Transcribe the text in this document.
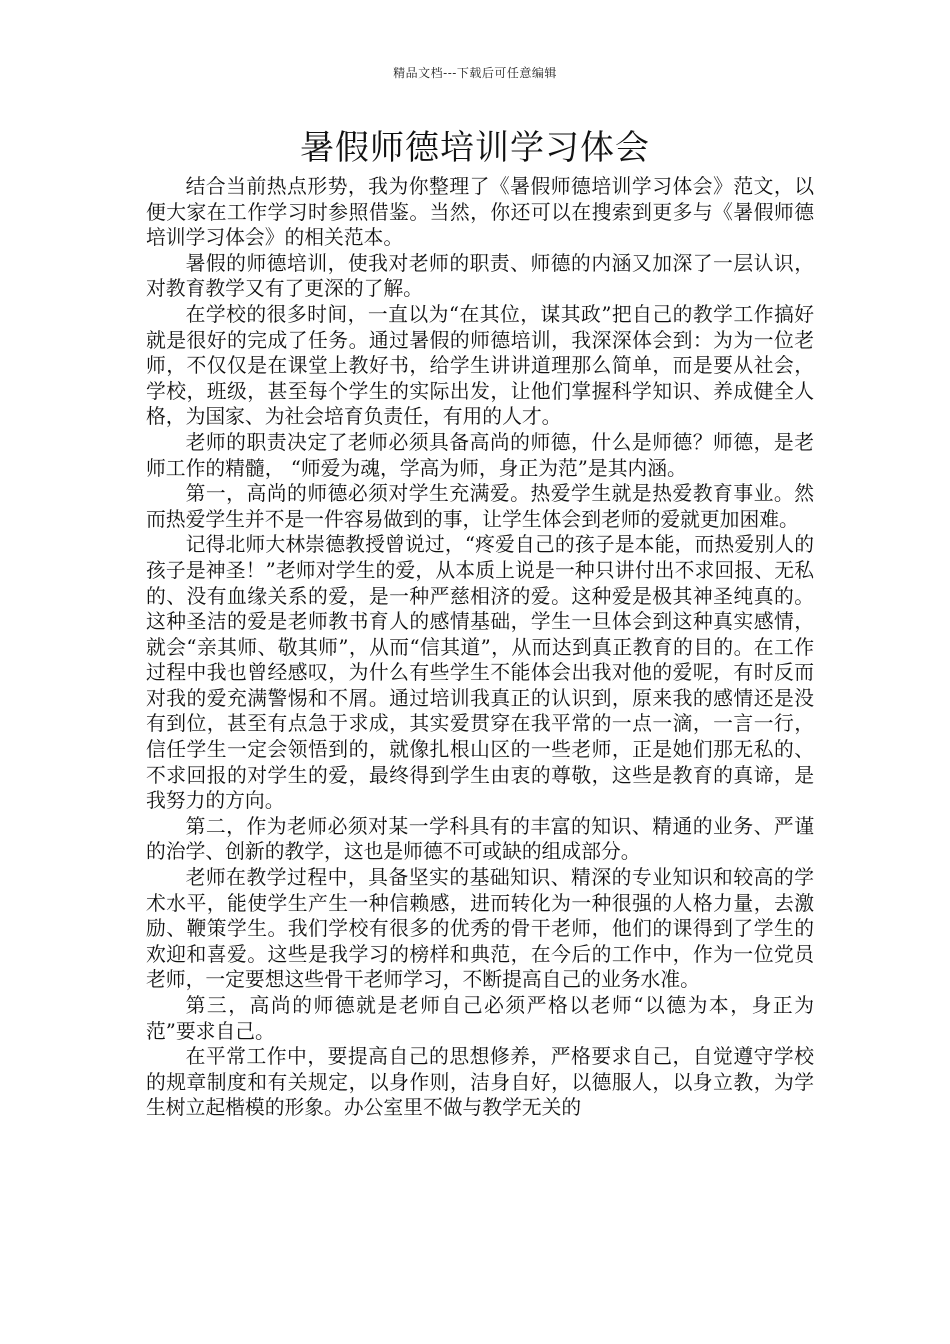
精品文档---下载后可任意编辑
暑假师德培训学习体会

结合当前热点形势，我为你整理了《暑假师德培训学习体会》范文，以便大家在工作学习时参照借鉴。当然，你还可以在搜索到更多与《暑假师德培训学习体会》的相关范本。

暑假的师德培训，使我对老师的职责、师德的内涵又加深了一层认识，对教育教学又有了更深的了解。

在学校的很多时间，一直以为“在其位，谋其政”把自己的教学工作搞好就是很好的完成了任务。通过暑假的师德培训，我深深体会到：为为一位老师，不仅仅是在课堂上教好书，给学生讲讲道理那么简单，而是要从社会，学校，班级，甚至每个学生的实际出发，让他们掌握科学知识、养成健全人格，为国家、为社会培育负责任，有用的人才。

老师的职责决定了老师必须具备高尚的师德，什么是师德？师德，是老师工作的精髓， “师爱为魂，学高为师，身正为范”是其内涵。

第一，高尚的师德必须对学生充满爱。热爱学生就是热爱教育事业。然而热爱学生并不是一件容易做到的事，让学生体会到老师的爱就更加困难。

记得北师大林崇德教授曾说过，“疼爱自己的孩子是本能，而热爱别人的孩子是神圣！”老师对学生的爱，从本质上说是一种只讲付出不求回报、无私的、没有血缘关系的爱，是一种严慈相济的爱。这种爱是极其神圣纯真的。这种圣洁的爱是老师教书育人的感情基础，学生一旦体会到这种真实感情，就会“亲其师、敬其师”，从而“信其道”，从而达到真正教育的目的。在工作过程中我也曾经感叹，为什么有些学生不能体会出我对他的爱呢，有时反而对我的爱充满警惕和不屑。通过培训我真正的认识到，原来我的感情还是没有到位，甚至有点急于求成，其实爱贯穿在我平常的一点一滴，一言一行，信任学生一定会领悟到的，就像扎根山区的一些老师，正是她们那无私的、不求回报的对学生的爱，最终得到学生由衷的尊敬，这些是教育的真谛，是我努力的方向。

第二，作为老师必须对某一学科具有的丰富的知识、精通的业务、严谨的治学、创新的教学，这也是师德不可或缺的组成部分。

老师在教学过程中，具备坚实的基础知识、精深的专业知识和较高的学术水平，能使学生产生一种信赖感，进而转化为一种很强的人格力量，去激励、鞭策学生。我们学校有很多的优秀的骨干老师，他们的课得到了学生的欢迎和喜爱。这些是我学习的榜样和典范，在今后的工作中，作为一位党员老师，一定要想这些骨干老师学习，不断提高自己的业务水准。

第三，高尚的师德就是老师自己必须严格以老师“以德为本，身正为范”要求自己。

在平常工作中，要提高自己的思想修养，严格要求自己，自觉遵守学校的规章制度和有关规定，以身作则，洁身自好，以德服人，以身立教，为学生树立起楷模的形象。办公室里不做与教学无关的
